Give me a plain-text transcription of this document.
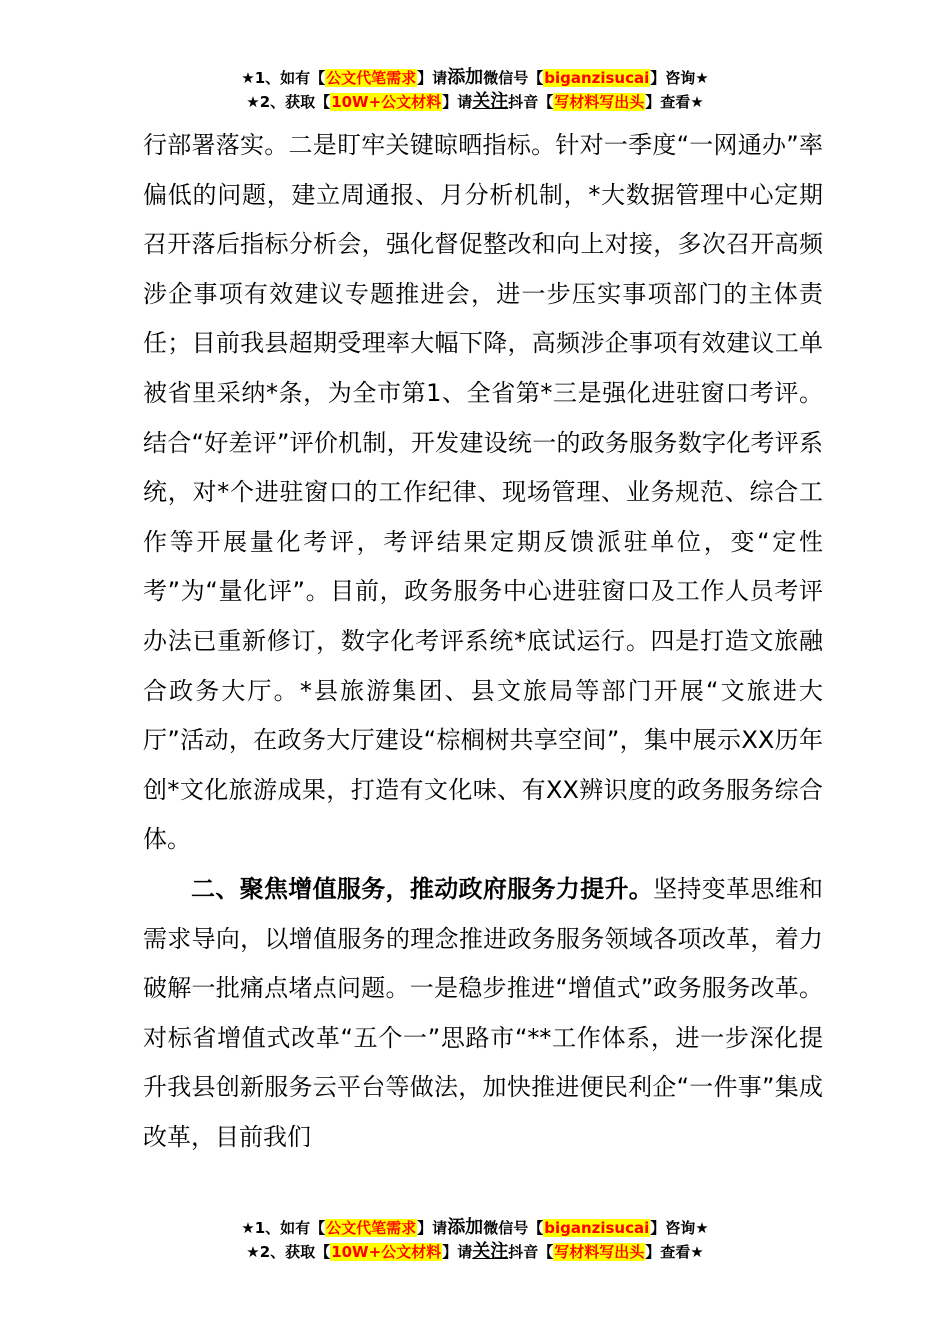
★1、如有【公文代笔需求】请添加微信号【biganzisucai】咨询★
★2、获取【10W+公文材料】请关注抖音【写材料写出头】查看★

行部署落实。二是盯牢关键晾晒指标。针对一季度“一网通办”率偏低的问题，建立周通报、月分析机制，*大数据管理中心定期召开落后指标分析会，强化督促整改和向上对接，多次召开高频涉企事项有效建议专题推进会，进一步压实事项部门的主体责任；目前我县超期受理率大幅下降，高频涉企事项有效建议工单被省里采纳*条，为全市第1、全省第*三是强化进驻窗口考评。结合“好差评”评价机制，开发建设统一的政务服务数字化考评系统，对*个进驻窗口的工作纪律、现场管理、业务规范、综合工作等开展量化考评，考评结果定期反馈派驻单位，变“定性考”为“量化评”。目前，政务服务中心进驻窗口及工作人员考评办法已重新修订，数字化考评系统*底试运行。四是打造文旅融合政务大厅。*县旅游集团、县文旅局等部门开展“文旅进大厅”活动，在政务大厅建设“棕榈树共享空间”，集中展示XX历年创*文化旅游成果，打造有文化味、有XX辨识度的政务服务综合体。

二、聚焦增值服务，推动政府服务力提升。坚持变革思维和需求导向，以增值服务的理念推进政务服务领域各项改革，着力破解一批痛点堵点问题。一是稳步推进“增值式”政务服务改革。对标省增值式改革“五个一”思路市“**工作体系，进一步深化提升我县创新服务云平台等做法，加快推进便民利企“一件事”集成改革，目前我们

★1、如有【公文代笔需求】请添加微信号【biganzisucai】咨询★
★2、获取【10W+公文材料】请关注抖音【写材料写出头】查看★
